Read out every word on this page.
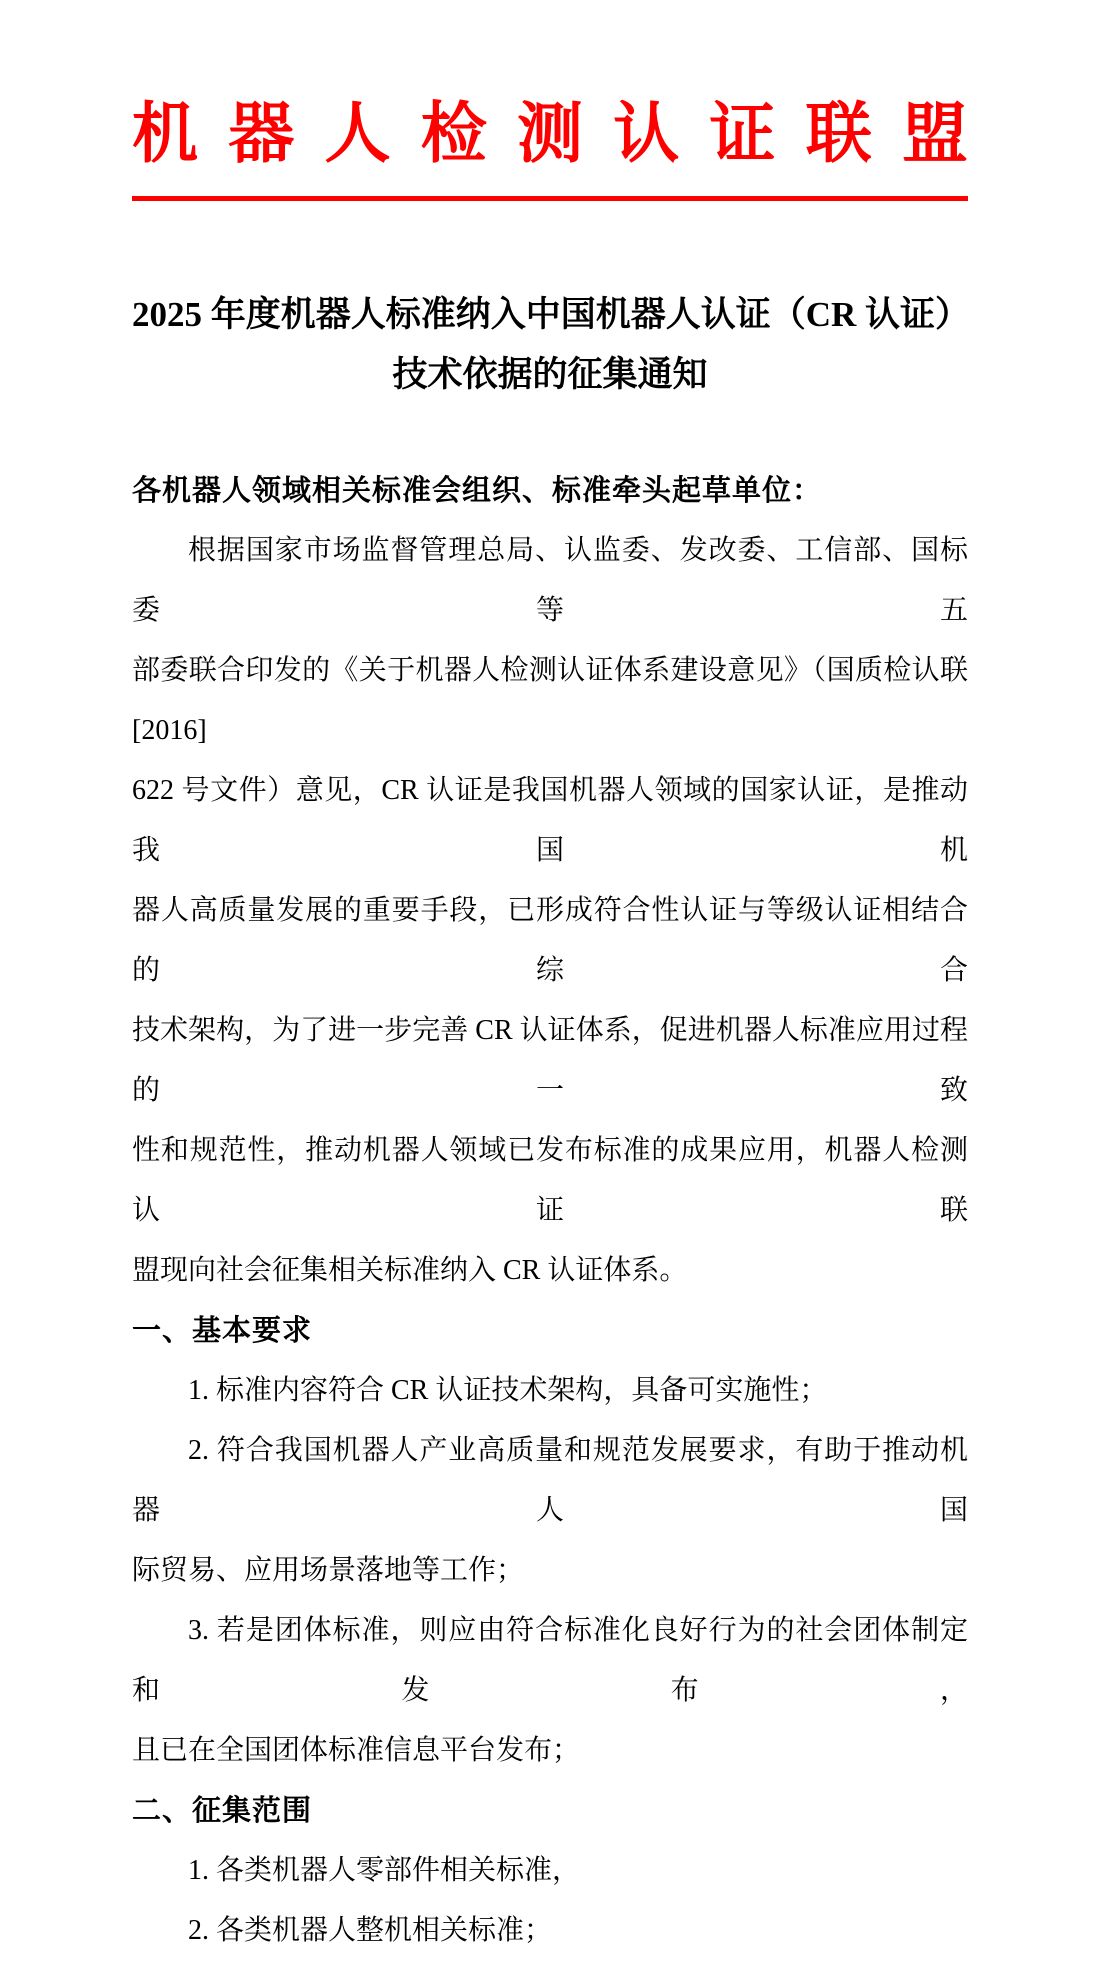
机 器 人 检 测 认 证 联 盟
2025 年度机器人标准纳入中国机器人认证（CR 认证）
技术依据的征集通知
各机器人领域相关标准会组织、标准牵头起草单位：
根据国家市场监督管理总局、认监委、发改委、工信部、国标委等五
部委联合印发的《关于机器人检测认证体系建设意见》（国质检认联[2016]
622 号文件）意见，CR 认证是我国机器人领域的国家认证，是推动我国机
器人高质量发展的重要手段，已形成符合性认证与等级认证相结合的综合
技术架构，为了进一步完善 CR 认证体系，促进机器人标准应用过程的一致
性和规范性，推动机器人领域已发布标准的成果应用，机器人检测认证联
盟现向社会征集相关标准纳入 CR 认证体系。
一、基本要求
1. 标准内容符合 CR 认证技术架构，具备可实施性；
2. 符合我国机器人产业高质量和规范发展要求，有助于推动机器人国
际贸易、应用场景落地等工作；
3. 若是团体标准，则应由符合标准化良好行为的社会团体制定和发布，
且已在全国团体标准信息平台发布；
二、征集范围
1. 各类机器人零部件相关标准，
2. 各类机器人整机相关标准；
